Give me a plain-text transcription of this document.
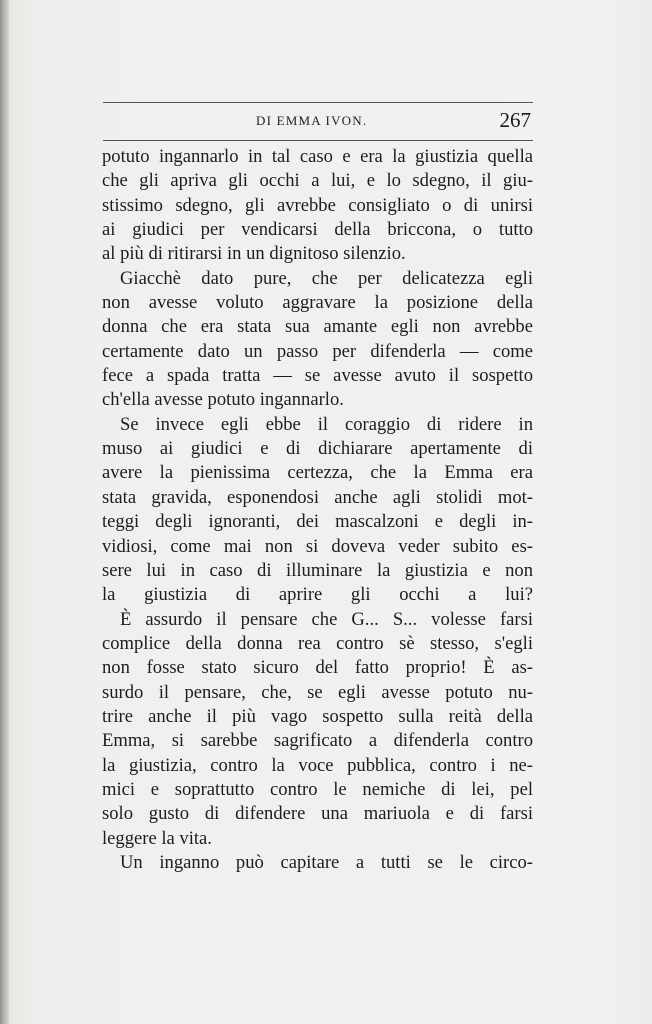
DI EMMA IVON.	267
potuto ingannarlo in tal caso e era la giustizia quella
che gli apriva gli occhi a lui, e lo sdegno, il giu-
stissimo sdegno, gli avrebbe consigliato o di unirsi
ai giudici per vendicarsi della briccona, o tutto
al più di ritirarsi in un dignitoso silenzio.
Giacchè dato pure, che per delicatezza egli
non avesse voluto aggravare la posizione della
donna che era stata sua amante egli non avrebbe
certamente dato un passo per difenderla — come
fece a spada tratta — se avesse avuto il sospetto
ch'ella avesse potuto ingannarlo.
Se invece egli ebbe il coraggio di ridere in
muso ai giudici e di dichiarare apertamente di
avere la pienissima certezza, che la Emma era
stata gravida, esponendosi anche agli stolidi mot-
teggi degli ignoranti, dei mascalzoni e degli in-
vidiosi, come mai non si doveva veder subito es-
sere lui in caso di illuminare la giustizia e non
la giustizia di aprire gli occhi a lui?
È assurdo il pensare che G... S... volesse farsi
complice della donna rea contro sè stesso, s'egli
non fosse stato sicuro del fatto proprio! È as-
surdo il pensare, che, se egli avesse potuto nu-
trire anche il più vago sospetto sulla reità della
Emma, si sarebbe sagrificato a difenderla contro
la giustizia, contro la voce pubblica, contro i ne-
mici e soprattutto contro le nemiche di lei, pel
solo gusto di difendere una mariuola e di farsi
leggere la vita.
Un inganno può capitare a tutti se le circo-
